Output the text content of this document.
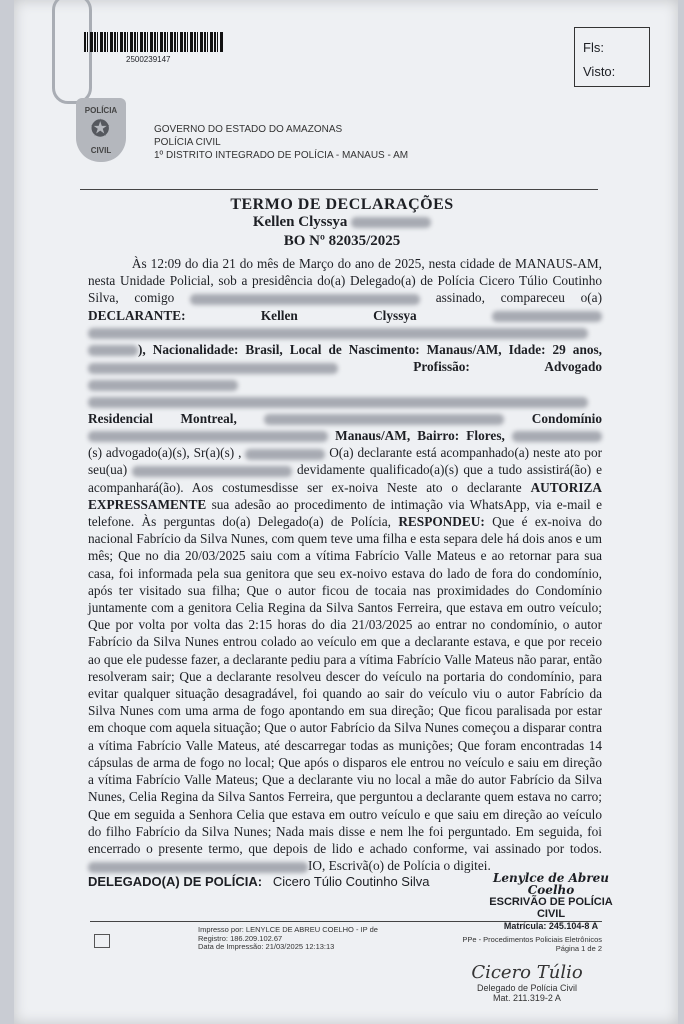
2500239147
Fls:
Visto:
POLÍCIA
✪
CIVIL
GOVERNO DO ESTADO DO AMAZONAS
POLÍCIA CIVIL
1º DISTRITO INTEGRADO DE POLÍCIA - MANAUS - AM
TERMO DE DECLARAÇÕES
Kellen Clyssya
BO Nº 82035/2025
Às 12:09 do dia 21 do mês de Março do ano de 2025, nesta cidade de MANAUS-AM, nesta Unidade Policial, sob a presidência do(a) Delegado(a) de Polícia Cicero Túlio Coutinho Silva, comigo	assinado, compareceu o(a) DECLARANTE: Kellen Clyssya   ), Nacionalidade: Brasil, Local de Nascimento: Manaus/AM, Idade: 29 anos,  Profissão: Advogado   Residencial Montreal,	Condomínio  Manaus/AM, Bairro: Flores,  (s) advogado(a)(s), Sr(a)(s) ,	O(a) declarante está acompanhado(a) neste ato por seu(ua)	devidamente qualificado(a)(s) que a tudo assistirá(ão) e acompanhará(ão). Aos costumesdisse ser ex-noiva Neste ato o declarante AUTORIZA EXPRESSAMENTE sua adesão ao procedimento de intimação via WhatsApp, via e-mail e telefone. Às perguntas do(a) Delegado(a) de Polícia, RESPONDEU: Que é ex-noiva do nacional Fabrício da Silva Nunes, com quem teve uma filha e esta separa dele há dois anos e um mês; Que no dia 20/03/2025 saiu com a vítima Fabrício Valle Mateus e ao retornar para sua casa, foi informada pela sua genitora que seu ex-noivo estava do lado de fora do condomínio, após ter visitado sua filha; Que o autor ficou de tocaia nas proximidades do Condomínio juntamente com a genitora Celia Regina da Silva Santos Ferreira, que estava em outro veículo; Que por volta por volta das 2:15 horas do dia 21/03/2025 ao entrar no condomínio, o autor Fabrício da Silva Nunes entrou colado ao veículo em que a declarante estava, e que por receio ao que ele pudesse fazer, a declarante pediu para a vítima Fabrício Valle Mateus não parar, então resolveram sair; Que a declarante resolveu descer do veículo na portaria do condomínio, para evitar qualquer situação desagradável, foi quando ao sair do veículo viu o autor Fabrício da Silva Nunes com uma arma de fogo apontando em sua direção; Que ficou paralisada por estar em choque com aquela situação; Que o autor Fabrício da Silva Nunes começou a disparar contra a vítima Fabrício Valle Mateus, até descarregar todas as munições; Que foram encontradas 14 cápsulas de arma de fogo no local; Que após o disparos ele entrou no veículo e saiu em direção a vítima Fabrício Valle Mateus; Que a declarante viu no local a mãe do autor Fabrício da Silva Nunes, Celia Regina da Silva Santos Ferreira, que perguntou a declarante quem estava no carro; Que em seguida a Senhora Celia que estava em outro veículo e que saiu em direção ao veículo do filho Fabrício da Silva Nunes; Nada mais disse e nem lhe foi perguntado. Em seguida, foi encerrado o presente termo, que depois de lido e achado conforme, vai assinado por todos. IO, Escrivã(o) de Polícia o digitei.
DELEGADO(A) DE POLÍCIA: Cicero Túlio Coutinho Silva	Lenylce de Abreu Coelho
ESCRIVÃO DE POLÍCIA CIVIL
Matrícula: 245.104-8 A
Impresso por: LENYLCE DE ABREU COELHO - IP de
Registro: 186.209.102.67
Data de Impressão: 21/03/2025 12:13:13
PPe - Procedimentos Policiais Eletrônicos
Página 1 de 2
Cicero Túlio
Delegado de Polícia Civil
Mat. 211.319-2 A
